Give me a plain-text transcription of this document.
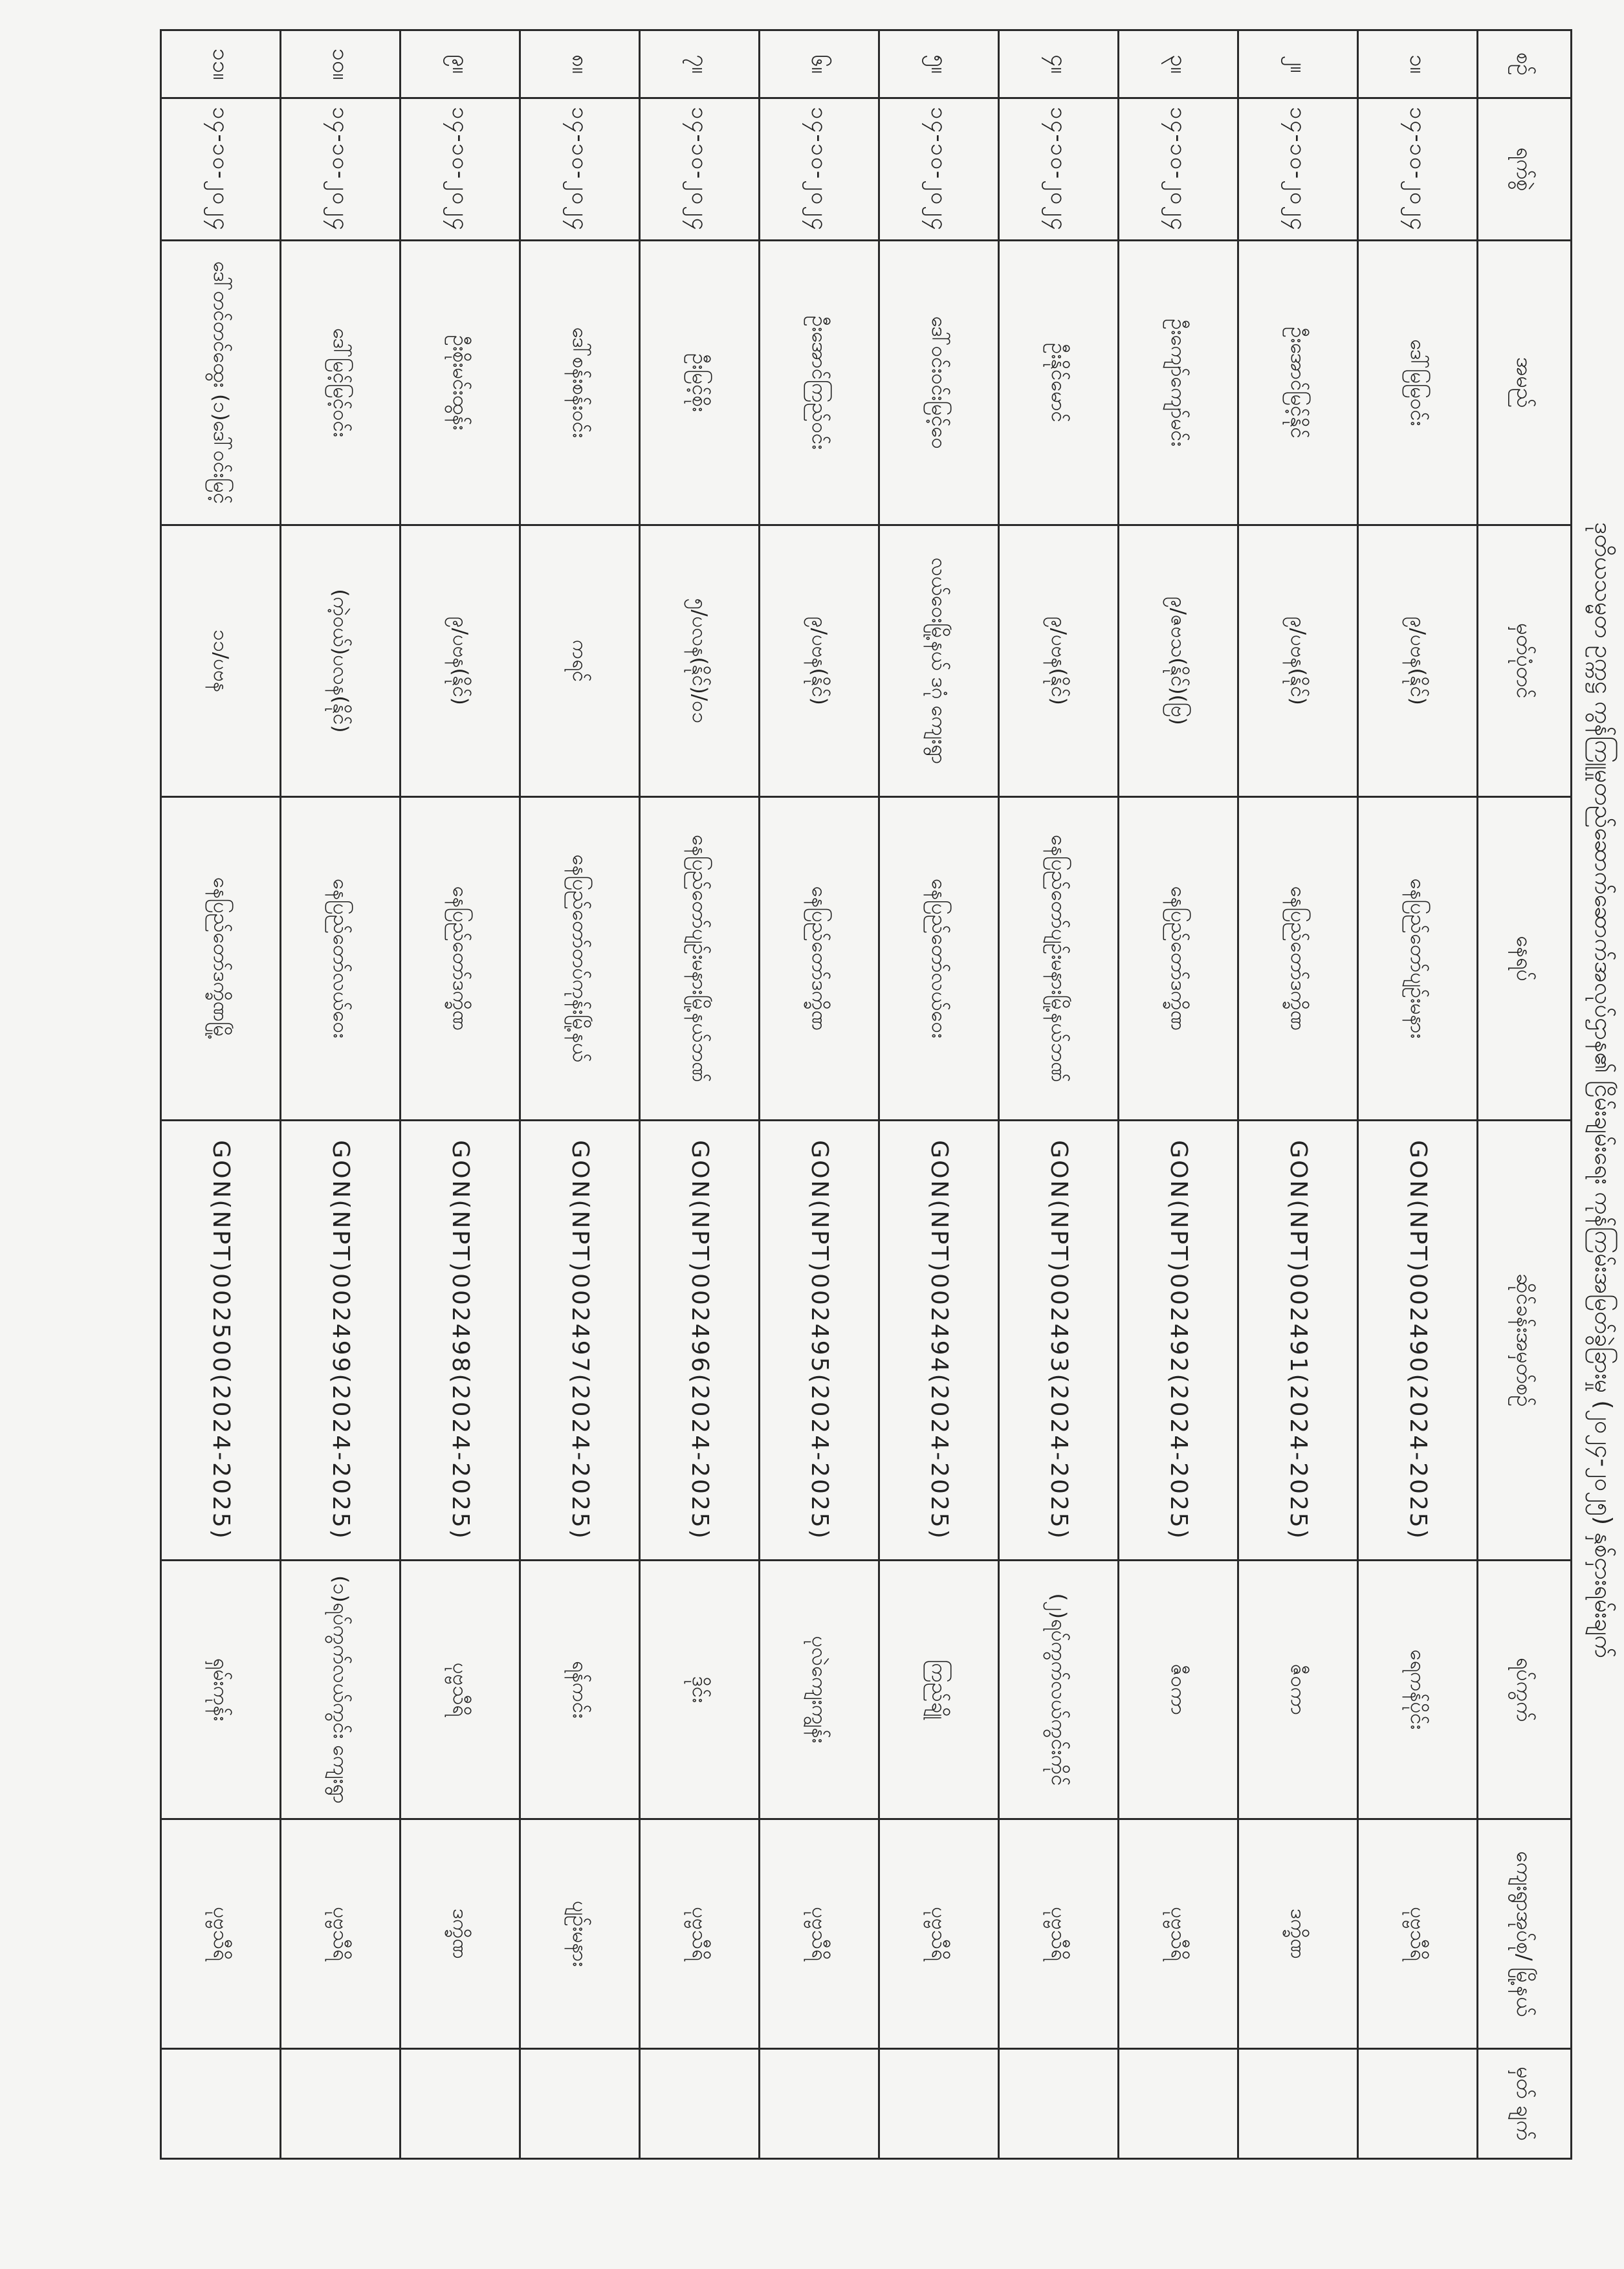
ဒုတိယသမ္မတ ဥက္ကဋ္ဌ ကွန်ကြူမှုတည်ဆောက်ဆောက်အလုပ်ဌာန၏ ငြိမ်းချမ်းရေး ကုန်ကြမ်းအမြတ်ခွဲခြားမှု (၂၀၂၄-၂၀၂၅) နှစ်ငှားရမ်းချက်
စဉ်	ရက်စွဲ	အမည်	မှတ်ပုံတင်	နေရပ်	ဆိုင်ခန်းအမှတ်စဉ်	ရပ်ကွက်	ကျေးရွာအုပ်စု/ မြို့နယ်	မှတ် ချက်
၁။	၁၄-၁၀-၂၀၂၄	ဒေါ်မြမြဝင်း	၉/ပဗန(နိုင်)	နေပြည်တော်ပျဉ်းမနား	GON(NPT)002490(2024-2025)	ရေကန်ပိုင်း	ပုဗ္ဗသီရိ	
၂။	၁၄-၁၀-၂၀၂၄	ဦးအောင်မြင့်နိုင်	၉/ပဗန(နိုင်)	နေပြည်တော်ဒက္ခိဏ	GON(NPT)002491(2024-2025)	ဇီဝကာ	ဒက္ခိဏ	
၃။	၁၄-၁၀-၂၀၂၄	ဦးကျော်ကျော်မင်း	၉/ဇဗသ(နိုင်)(ဗြ)	နေပြည်တော်ဒက္ခိဏ	GON(NPT)002492(2024-2025)	ဇီဝကာ	ပုဗ္ဗသီရိ	
၄။	၁၄-၁၀-၂၀၂၄	ဦးနိုင်မောင်	၉/ပဗန(နိုင်)	နေပြည်တော်ပျဉ်းမနားမြို့နယ်ဘဏ်	GON(NPT)002493(2024-2025)	(၂)ရပ်ကွက်လယ်ကွင်းကိုင်	ပုဗ္ဗသီရိ	
၅။	၁၄-၁၀-၂၀၂၄	ဒေါ်ဝင်းဝင်းမြင့်ဝေ	လယ်ဝေးမြို့နယ် ဒဂုံ ကျေးရွာ	နေပြည်တော်လယ်ဝေး	GON(NPT)002494(2024-2025)	ကြည်ချို	ပုဗ္ဗသီရိ	
၆။	၁၄-၁၀-၂၀၂၄	ဦးအောင်ကြည်ဝင်း	၉/ပဗန(နိုင်)	နေပြည်တော်ဒက္ခိဏ	GON(NPT)002495(2024-2025)	ပုလဲကျေးကျွန်း	ပုဗ္ဗသီရိ	
၇။	၁၄-၁၀-၂၀၂၄	ဦးမြင့်စိုး	၅/ပလန(နိုင်)/၀၁	နေပြည်တော်ပျဉ်းမနားမြို့နယ်ဘဏ်	GON(NPT)002496(2024-2025)	ဒိုင်း	ပုဗ္ဗသီရိ	
၈။	၁၄-၁၀-၂၀၂၄	ဒေါ်စန်းစန်းဝင်း	ကရင်	နေပြည်တော်တပ်ကုန်းမြို့နယ်	GON(NPT)002497(2024-2025)	ရန်ကင်း	ပျဉ်းမနား	
၉။	၁၄-၁၀-၂၀၂၄	ဦးစိုးမင်းထွန်း	၉/ပဗန(နိုင်)	နေပြည်တော်ဒက္ခိဏ	GON(NPT)002498(2024-2025)	ပုဗ္ဗသီရိ	ဒက္ခိဏ	
၁၀။	၁၄-၁၀-၂၀၂၄	ဒေါ်မြင့်မြင့်ဝင်း	(ကဲ့ဝယ်)ပလန(နိုင်)	နေပြည်တော်လယ်ဝေး	GON(NPT)002499(2024-2025)	(၁)ရပ်ကွက်လယ်ကွင်း ကျေးရွာ	ပုဗ္ဗသီရိ	
၁၁။	၁၄-၁၀-၂၀၂၄	ဒေါ်တင်တင်ထွေး (၁)ဒေါ်ဝင်းမြင့်	၁၁/ပဗန	နေပြည်တော်ဒက္ခိဏမြို့	GON(NPT)002500(2024-2025)	ရှမ်းကုန်း	ပုဗ္ဗသီရိ	
